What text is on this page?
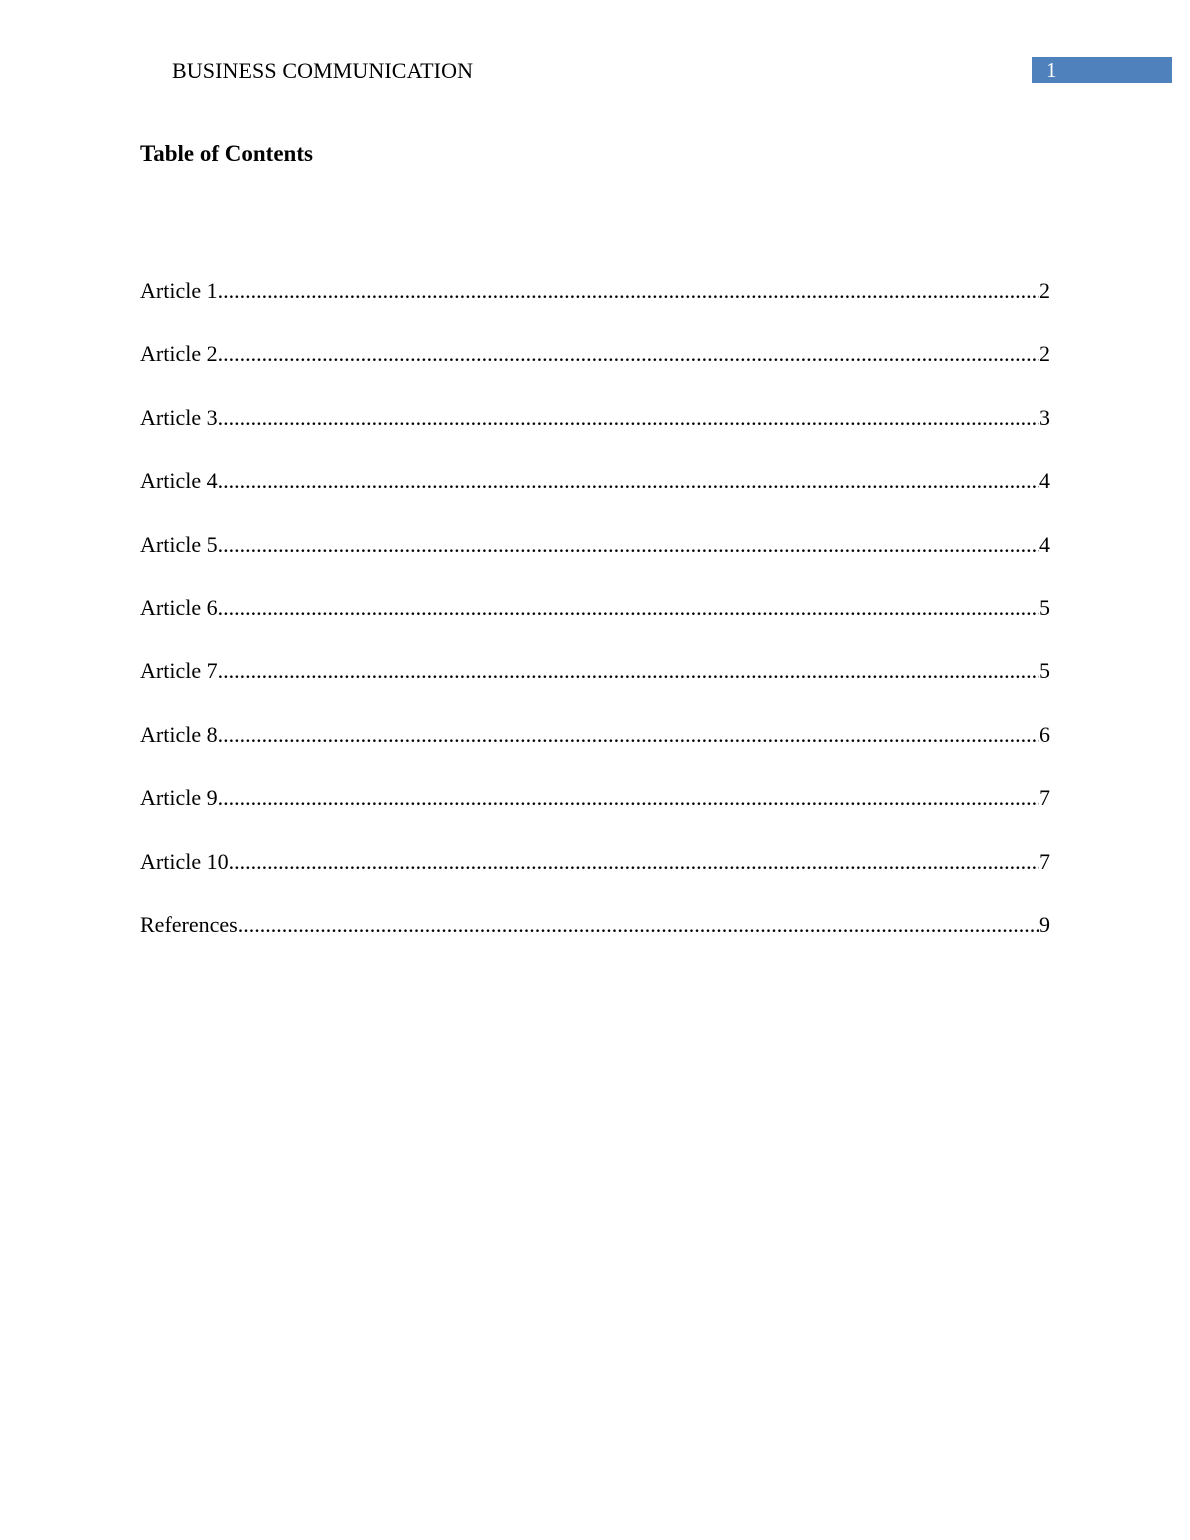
BUSINESS COMMUNICATION	1
Table of Contents
Article 1 .....	2
Article 2 .....	2
Article 3 .....	3
Article 4 .....	4
Article 5 .....	4
Article 6 .....	5
Article 7 .....	5
Article 8 .....	6
Article 9 .....	7
Article 10 .....	7
References .....	9
